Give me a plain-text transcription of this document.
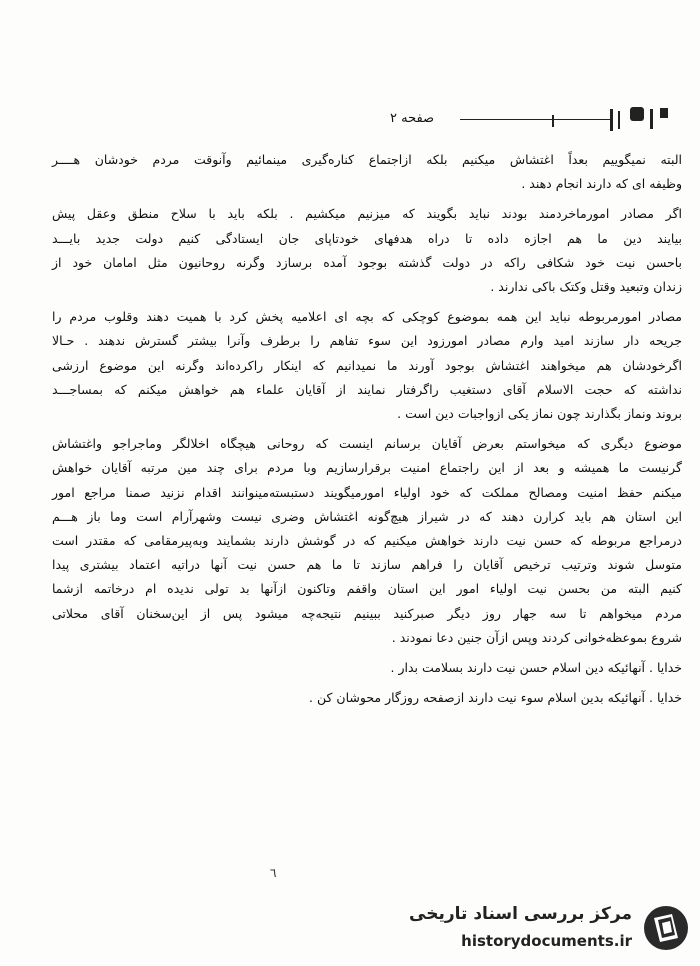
صفحه ۲

البته نمیگوییم بعداً اغتشاش میکنیم بلکه ازاجتماع کناره‌گیری مینمائیم وآنوقت مردم خودشان هــــر
وظیفه ای که دارند انجام دهند .

اگر مصادر امورماخردمند بودند نباید بگویند که میزنیم میکشیم . بلکه باید با سلاح منطق وعقل پیش
بیایند دین ما هم اجازه داده تا دراه هدفهای خودتاپای جان ایستادگی کنیم دولت جدید بایـــد
باحسن نیت خود شکافی راکه در دولت گذشته بوجود آمده برسازد وگرنه روحانیون مثل امامان خود از
زندان وتبعید وقتل وکتک باکی ندارند .

مصادر امورمربوطه نباید این همه بموضوع کوچکی که بچه ای اعلامیه پخش کرد با همیت دهند وقلوب مردم را
جریحه دار سازند امید وارم مصادر امورزود این سوء تفاهم را برطرف وآنرا بیشتر گسترش ندهند . حـالا
اگرخودشان هم میخواهند اغتشاش بوجود آورند ما نمیدانیم که اینکار راکرده‌اند وگرنه این موضوع ارزشی
نداشته که حجت الاسلام آقای دستغیب راگرفتار نمایند از آقایان علماء هم خواهش میکنم که بمساجـــد
بروند ونماز بگذارند چون نماز یکی ازواجبات دین است .

موضوع دیگری که میخواستم بعرض آقایان برسانم اینست که روحانی هیچگاه اخلالگر وماجراجو واغتشاش
گرنیست ما همیشه و بعد از این راجتماع امنیت برقرارسازیم وبا مردم برای چند مین مرتبه آقایان خواهش
میکنم حفظ امنیت ومصالح مملکت که خود اولیاء امورمیگویند دستبسته‌مینوانند اقدام نزنید صمنا مراجع امور
این استان هم باید کرارن دهند که در شیراز هیچ‌گونه اغتشاش وضری نیست وشهرآرام است وما باز هـــم
درمراجع مربوطه که حسن نیت دارند خواهش میکنیم که در گوشش دارند بشمایند وبه‌پیرمقامی که مقتدر است
متوسل شوند وترتیب ترخیص آقایان را فراهم سازند تا ما هم حسن نیت آنها دراتیه اعتماد بیشتری پیدا
کنیم البته من بحسن نیت اولیاء امور این استان واقفم وتاکنون ازآنها بد تولی ندیده ام درخاتمه ازشما
مردم میخواهم تا سه جهار روز دیگر صبرکنید ببینیم نتیجه‌چه میشود پس از این‌سخنان آقای محلاتی
شروع بموعظه‌خوانی کردند وپس ازآن جنین دعا نمودند .

خدایا . آنهائیکه دین اسلام حسن نیت دارند بسلامت بدار .

خدایا . آنهائیکه بدین اسلام سوء نیت دارند ازصفحه روزگار محوشان کن .

٦
مرکز بررسی اسناد تاریخی
historydocuments.ir
